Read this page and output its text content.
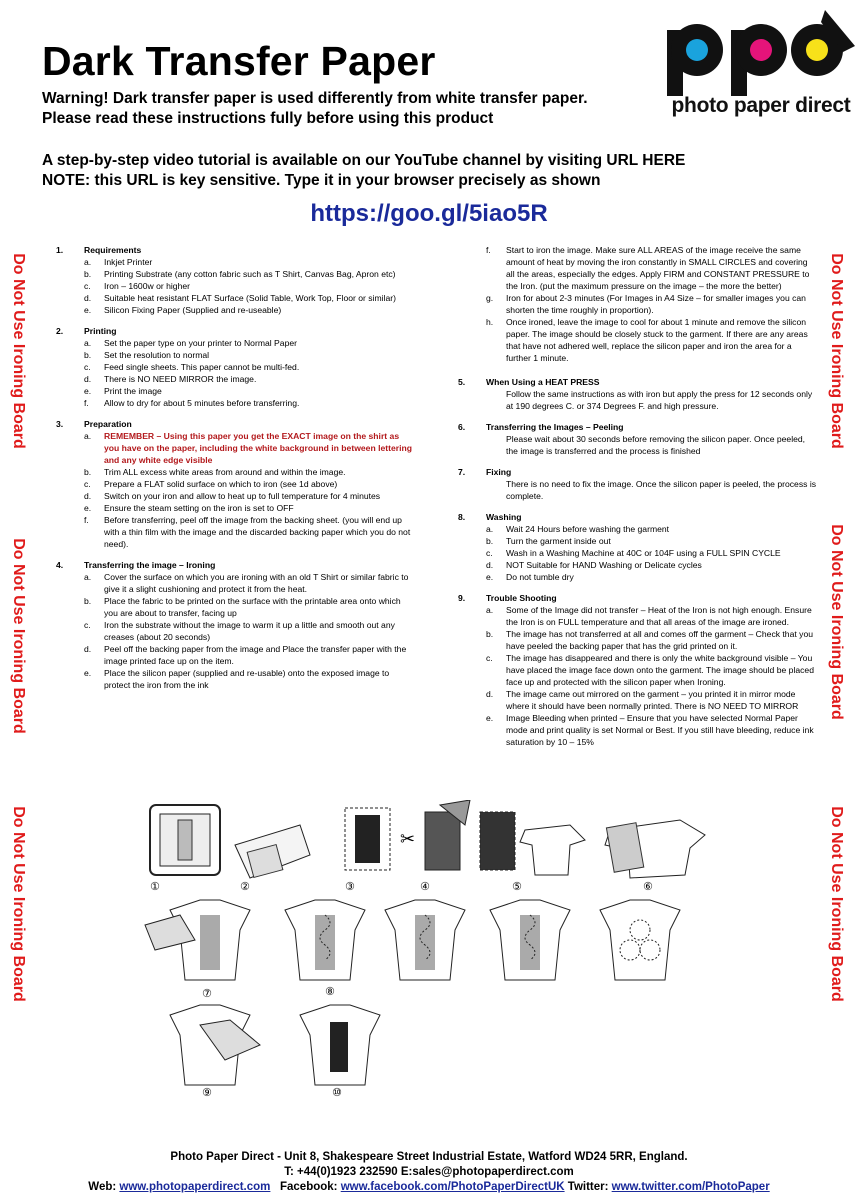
Dark Transfer Paper
Warning! Dark transfer paper is used differently from white transfer paper.
Please read these instructions fully before using this product
A step-by-step video tutorial is available on our YouTube channel by visiting URL HERE
NOTE: this URL is key sensitive. Type it in your browser precisely as shown
https://goo.gl/5iao5R
photo paper direct
Do Not Use Ironing Board
Do Not Use Ironing Board
Do Not Use Ironing Board
Do Not Use Ironing Board
Do Not Use Ironing Board
Do Not Use Ironing Board
1.	Requirements
a.	Inkjet Printer
b.	Printing Substrate (any cotton fabric such as T Shirt, Canvas Bag, Apron etc)
c.	Iron – 1600w or higher
d.	Suitable heat resistant FLAT Surface (Solid Table, Work Top, Floor or similar)
e.	Silicon Fixing Paper (Supplied and re-useable)
2.	Printing
a.	Set the paper type on your printer to Normal Paper
b.	Set the resolution to normal
c.	Feed single sheets. This paper cannot be multi-fed.
d.	There is NO NEED MIRROR the image.
e.	Print the image
f.	Allow to dry for about 5 minutes before transferring.
3.	Preparation
a.	REMEMBER – Using this paper you get the EXACT image on the shirt as you have on the paper, including the white background in between lettering and any white edge visible
b.	Trim ALL excess white areas from around and within the image.
c.	Prepare a FLAT solid surface on which to iron (see 1d above)
d.	Switch on your iron and allow to heat up to full temperature for 4 minutes
e.	Ensure the steam setting on the iron is set to OFF
f.	Before transferring, peel off the image from the backing sheet. (you will end up with a thin film with the image and the discarded backing paper which you do not need).
4.	Transferring the image – Ironing
a.	Cover the surface on which you are ironing with an old T Shirt or similar fabric to give it a slight cushioning and protect it from the heat.
b.	Place the fabric to be printed on the surface with the printable area onto which you are about to transfer, facing up
c.	Iron the substrate without the image to warm it up a little and smooth out any creases (about 20 seconds)
d.	Peel off the backing paper from the image and Place the transfer paper with the image printed face up on the item.
e.	Place the silicon paper (supplied and re-usable) onto the exposed image to protect the iron from the ink
f.	Start to iron the image. Make sure ALL AREAS of the image receive the same amount of heat by moving the iron constantly in SMALL CIRCLES and covering all the areas, especially the edges. Apply FIRM and CONSTANT PRESSURE to the Iron. (put the maximum pressure on the image – the more the better)
g.	Iron for about 2-3 minutes (For Images in A4 Size – for smaller images you can shorten the time roughly in proportion).
h.	Once ironed, leave the image to cool for about 1 minute and remove the silicon paper. The image should be closely stuck to the garment. If there are any areas that have not adhered well, replace the silicon paper and iron the area for a further 1 minute.
5.	When Using a HEAT PRESS
Follow the same instructions as with iron but apply the press for 12 seconds only at 190 degrees C. or 374 Degrees F. and high pressure.
6.	Transferring the Images – Peeling
Please wait about 30 seconds before removing the silicon paper. Once peeled, the image is transferred and the process is finished
7.	Fixing
There is no need to fix the image. Once the silicon paper is peeled, the process is complete.
8.	Washing
a.	Wait 24 Hours before washing the garment
b.	Turn the garment inside out
c.	Wash in a Washing Machine at 40C or 104F using a FULL SPIN CYCLE
d.	NOT Suitable for HAND Washing or Delicate cycles
e.	Do not tumble dry
9.	Trouble Shooting
a.	Some of the Image did not transfer – Heat of the Iron is not high enough. Ensure the Iron is on FULL temperature and that all areas of the image are ironed.
b.	The image has not transferred at all and comes off the garment – Check that you have peeled the backing paper that has the grid printed on it.
c.	The image has disappeared and there is only the white background visible – You have placed the image face down onto the garment. The image should be placed face up and protected with the silicon paper when Ironing.
d.	The image came out mirrored on the garment – you printed it in mirror mode where it should have been normally printed. There is NO NEED TO MIRROR
e.	Image Bleeding when printed – Ensure that you have selected Normal Paper mode and print quality is set Normal or Best. If you still have bleeding, reduce ink saturation by 10 – 15%
✂
①	②	③	④	⑤	⑥
⑦	⑧
⑨	⑩
Photo Paper Direct - Unit 8, Shakespeare Street Industrial Estate, Watford WD24 5RR, England.
T: +44(0)1923 232590 E:sales@photopaperdirect.com
Web: www.photopaperdirect.com   Facebook: www.facebook.com/PhotoPaperDirectUK Twitter: www.twitter.com/PhotoPaper
